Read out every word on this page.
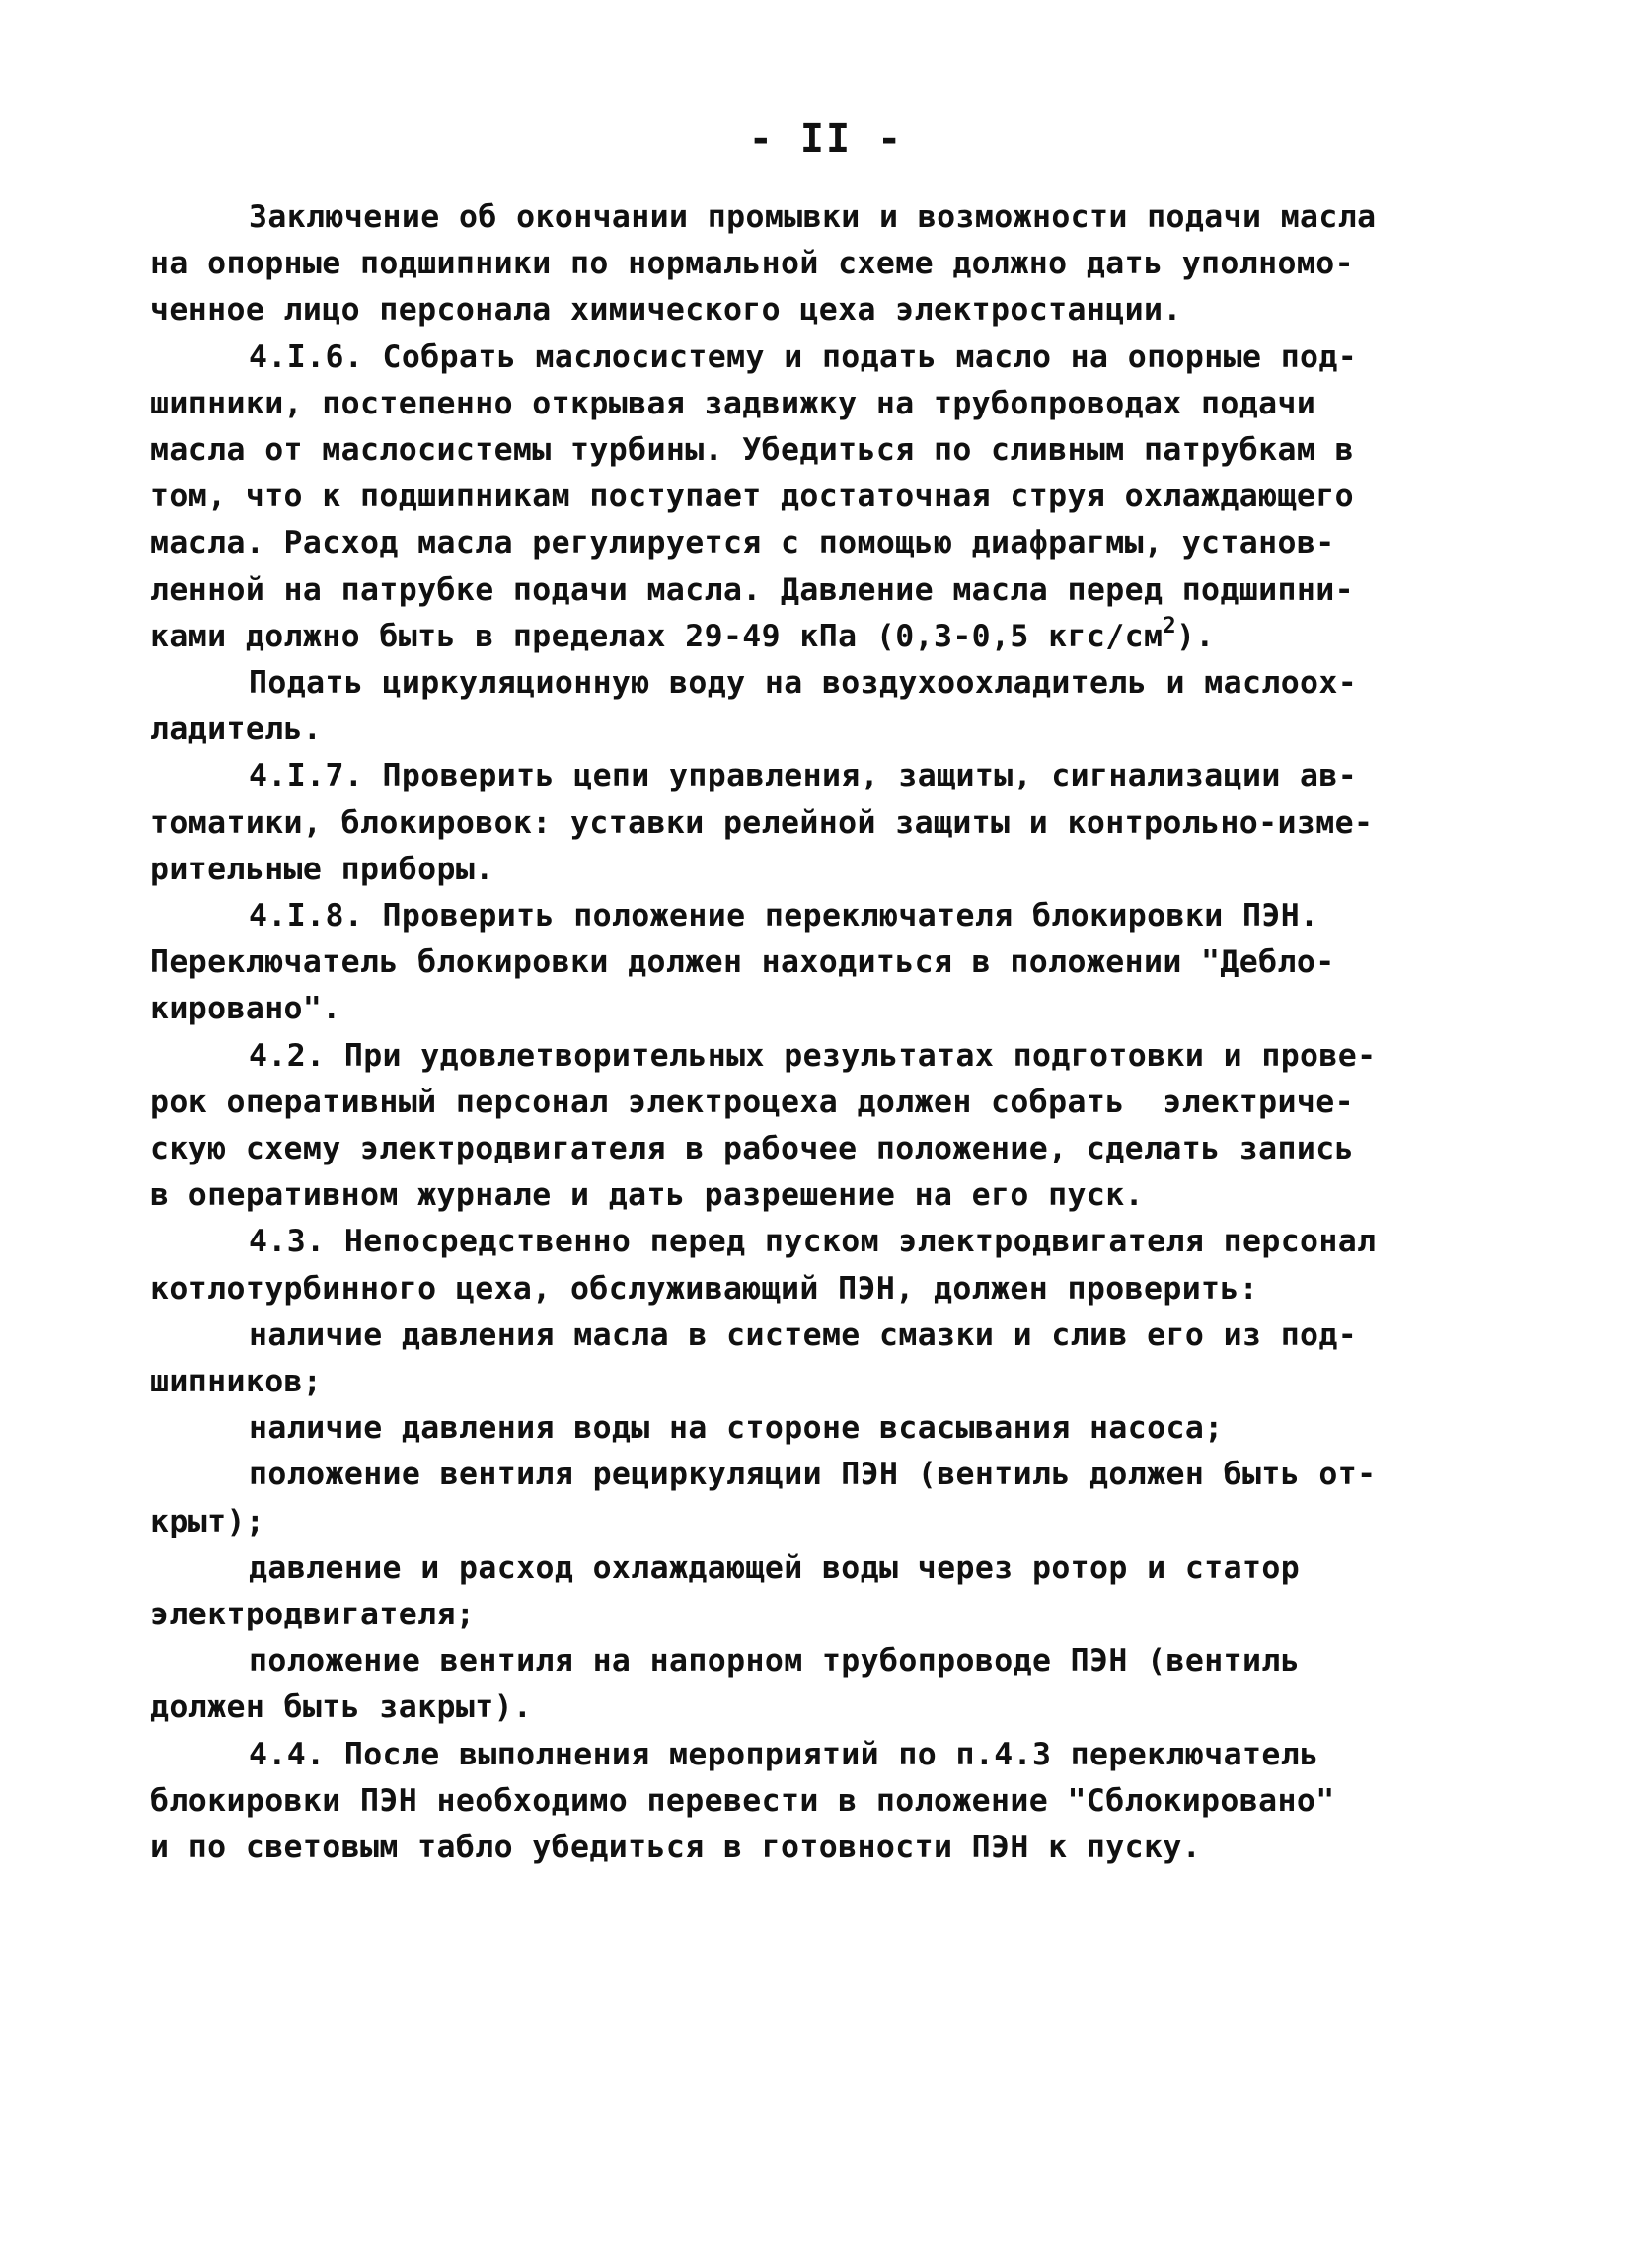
- II -
Заключение об окончании промывки и возможности подачи масла
на опорные подшипники по нормальной схеме должно дать уполномо-
ченное лицо персонала химического цеха электростанции.
4.I.6. Собрать маслосистему и подать масло на опорные под-
шипники, постепенно открывая задвижку на трубопроводах подачи
масла от маслосистемы турбины. Убедиться по сливным патрубкам в
том, что к подшипникам поступает достаточная струя охлаждающего
масла. Расход масла регулируется с помощью диафрагмы, установ-
ленной на патрубке подачи масла. Давление масла перед подшипни-
ками должно быть в пределах 29-49 кПа (0,3-0,5 кгс/$см^2$).
Подать циркуляционную воду на воздухоохладитель и маслоох-
ладитель.
4.I.7. Проверить цепи управления, защиты, сигнализации ав-
томатики, блокировок: уставки релейной защиты и контрольно-изме-
рительные приборы.
4.I.8. Проверить положение переключателя блокировки ПЭН.
Переключатель блокировки должен находиться в положении "Дебло-
кировано".
4.2. При удовлетворительных результатах подготовки и прове-
рок оперативный персонал электроцеха должен собрать  электриче-
скую схему электродвигателя в рабочее положение, сделать запись
в оперативном журнале и дать разрешение на его пуск.
4.3. Непосредственно перед пуском электродвигателя персонал
котлотурбинного цеха, обслуживающий ПЭН, должен проверить:
наличие давления масла в системе смазки и слив его из под-
шипников;
наличие давления воды на стороне всасывания насоса;
положение вентиля рециркуляции ПЭН (вентиль должен быть от-
крыт);
давление и расход охлаждающей воды через ротор и статор
электродвигателя;
положение вентиля на напорном трубопроводе ПЭН (вентиль
должен быть закрыт).
4.4. После выполнения мероприятий по п.4.3 переключатель
блокировки ПЭН необходимо перевести в положение "Сблокировано"
и по световым табло убедиться в готовности ПЭН к пуску.
